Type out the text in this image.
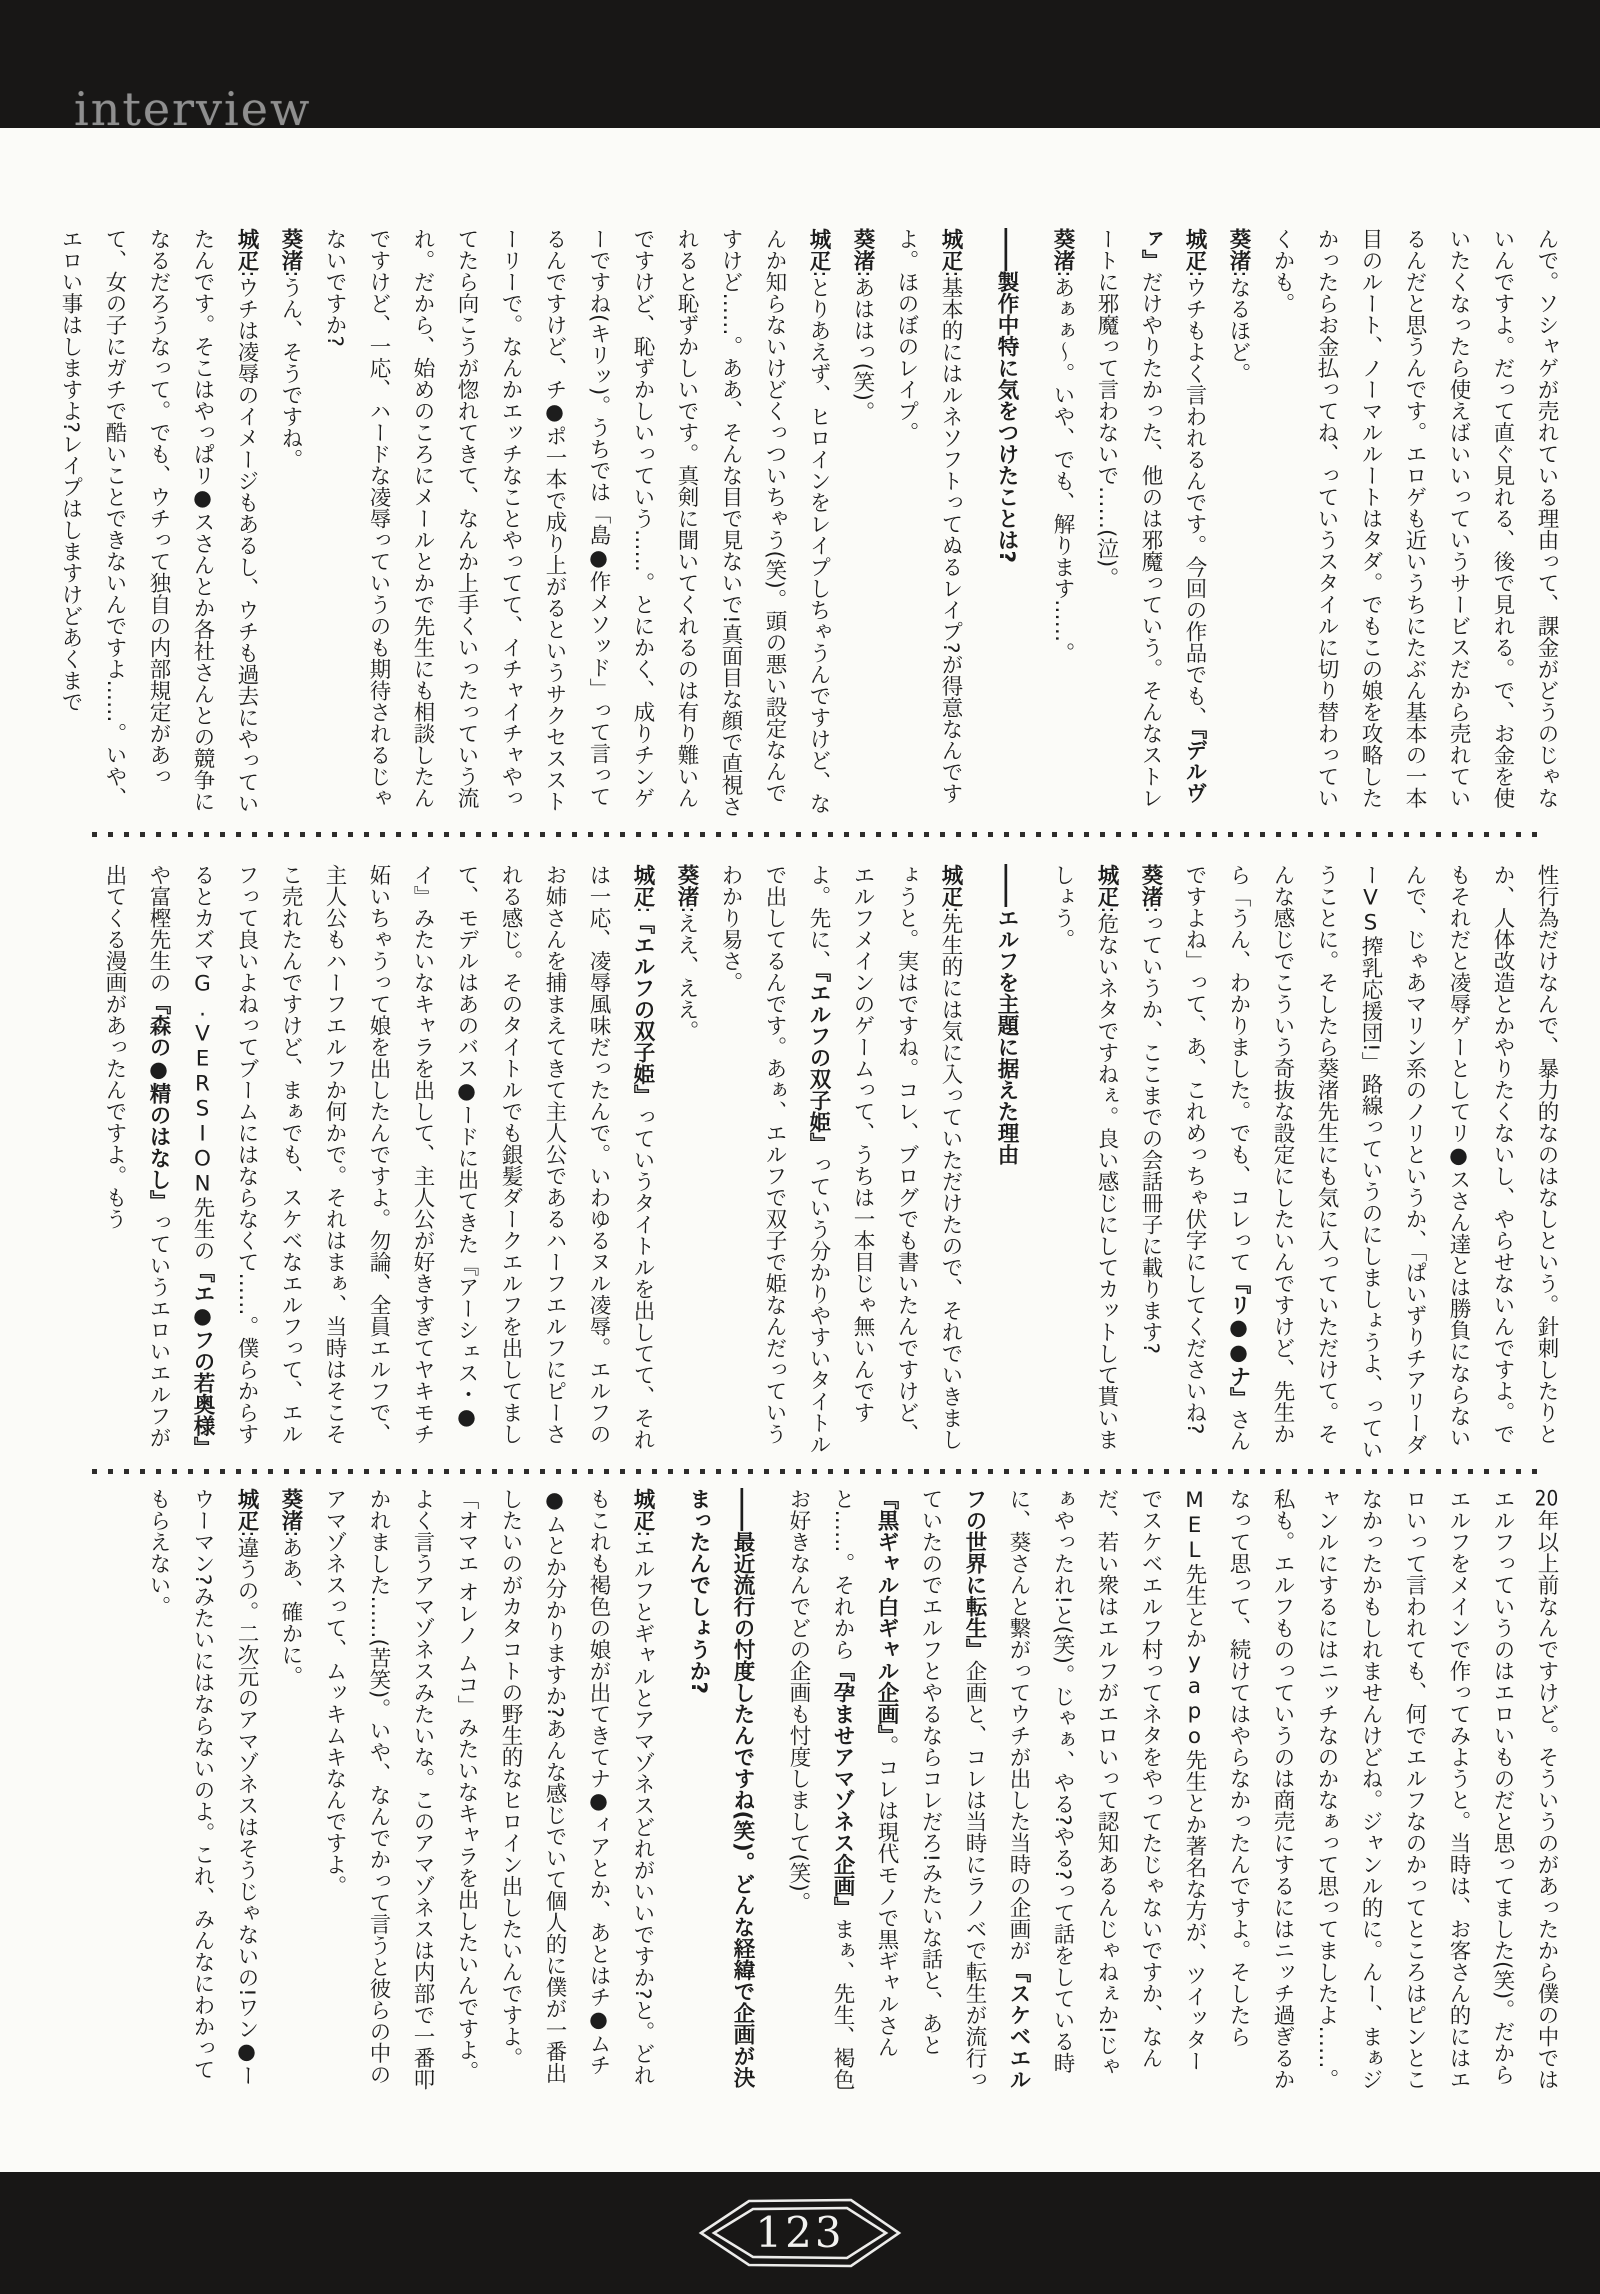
interview

んで。ソシャゲが売れている理由って、課金がどうのじゃないんですよ。だって直ぐ見れる、後で見れる。で、お金を使いたくなったら使えばいいっていうサービスだから売れているんだと思うんです。エロゲも近いうちにたぶん基本の一本目のルート、ノーマルルートはタダ。でもこの娘を攻略したかったらお金払ってね、っていうスタイルに切り替わっていくかも。

葵渚∶なるほど。

城疋∶ウチもよく言われるんです。今回の作品でも、『デルヴァ』だけやりたかった、他のは邪魔っていう。そんなストレートに邪魔って言わないで……(泣)。

葵渚∶あぁぁ〜。いや、でも、解ります……。

――製作中特に気をつけたことは?

城疋∶基本的にはルネソフトってぬるレイプ?が得意なんですよ。ほのぼのレイプ。

葵渚∶あははっ(笑)。

城疋∶とりあえず、ヒロインをレイプしちゃうんですけど、なんか知らないけどくっついちゃう(笑)。頭の悪い設定なんですけど……。ああ、そんな目で見ないで!真面目な顔で直視されると恥ずかしいです。真剣に聞いてくれるのは有り難いんですけど、恥ずかしいっていう……。とにかく、成りチンゲーですね(キリッ)。うちでは「島●作メソッド」って言ってるんですけど、チ●ポ一本で成り上がるというサクセスストーリーで。なんかエッチなことやってて、イチャイチャやってたら向こうが惚れてきて、なんか上手くいったっていう流れ。だから、始めのころにメールとかで先生にも相談したんですけど、一応、ハードな凌辱っていうのも期待されるじゃないですか?

葵渚∶うん、そうですね。

城疋∶ウチは凌辱のイメージもあるし、ウチも過去にやっていたんです。そこはやっぱリ●スさんとか各社さんとの競争になるだろうなって。でも、ウチって独自の内部規定があって、女の子にガチで酷いことできないんですよ……。いや、エロい事はしますよ?レイプはしますけどあくまで

性行為だけなんで、暴力的なのはなしという。針刺したりとか、人体改造とかやりたくないし、やらせないんですよ。でもそれだと凌辱ゲーとしてリ●スさん達とは勝負にならないんで、じゃあマリン系のノリというか、「ぱいずりチアリーダーVS搾乳応援団!」路線っていうのにしましょうよ、っていうことに。そしたら葵渚先生にも気に入っていただけて。そんな感じでこういう奇抜な設定にしたいんですけど、先生から「うん、わかりました。でも、コレって『リ●●ナ』さんですよね」って、あ、これめっちゃ伏字にしてくださいね?

葵渚∶っていうか、ここまでの会話冊子に載ります?

城疋∶危ないネタですねぇ。良い感じにしてカットして貰いましょう。

――エルフを主題に据えた理由

城疋∶先生的には気に入っていただけたので、それでいきましょうと。実はですね。コレ、ブログでも書いたんですけど、エルフメインのゲームって、うちは一本目じゃ無いんですよ。先に、『エルフの双子姫』っていう分かりやすいタイトルで出してるんです。あぁ、エルフで双子で姫なんだっていうわかり易さ。

葵渚∶ええ、ええ。

城疋∶『エルフの双子姫』っていうタイトルを出してて、それは一応、凌辱風味だったんで。いわゆるヌル凌辱。エルフのお姉さんを捕まえてきて主人公であるハーフエルフにピーされる感じ。そのタイトルでも銀髪ダークエルフを出してまして、モデルはあのバス●ードに出てきた『アーシェス・●イ』みたいなキャラを出して、主人公が好きすぎてヤキモチ妬いちゃうって娘を出したんですよ。勿論、全員エルフで、主人公もハーフエルフか何かで。それはまぁ、当時はそこそこ売れたんですけど、まぁでも、スケベなエルフって、エルフって良いよねってブームにはならなくて……。僕らからするとカズマG.VERSION先生の『エ●フの若奥様』や富樫先生の『森の●精のはなし』っていうエロいエルフが出てくる漫画があったんですよ。もう

20年以上前なんですけど。そういうのがあったから僕の中ではエルフっていうのはエロいものだと思ってました(笑)。だからエルフをメインで作ってみようと。当時は、お客さん的にはエロいって言われても、何でエルフなのかってところはピンとこなかったかもしれませんけどね。ジャンル的に。んー、まぁジャンルにするにはニッチなのかなぁって思ってましたよ……。私も。エルフものっていうのは商売にするにはニッチ過ぎるかなって思って、続けてはやらなかったんですよ。そしたらMEL先生とかyapo先生とか著名な方が、ツイッターでスケベエルフ村ってネタをやってたじゃないですか、なんだ、若い衆はエルフがエロいって認知あるんじゃねぇか!じゃぁやったれ!と(笑)。じゃぁ、やる?やる?って話をしている時に、葵さんと繋がってウチが出した当時の企画が『スケベエルフの世界に転生』企画と、コレは当時にラノベで転生が流行っていたのでエルフとやるならコレだろ!みたいな話と、あと『黒ギャル白ギャル企画』。コレは現代モノで黒ギャルさんと……。それから『孕ませアマゾネス企画』まぁ、先生、褐色お好きなんでどの企画も忖度しまして(笑)。

――最近流行の忖度したんですね(笑)。どんな経緯で企画が決まったんでしょうか?

城疋∶エルフとギャルとアマゾネスどれがいいですか?と。どれもこれも褐色の娘が出てきてナ●ィアとか、あとはチ●ムチ●ムとか分かりますか?あんな感じでいて個人的に僕が一番出したいのがカタコトの野生的なヒロイン出したいんですよ。「オマエ オレノ ムコ」みたいなキャラを出したいんですよ。よく言うアマゾネスみたいな。このアマゾネスは内部で一番叩かれました……(苦笑)。いや、なんでかって言うと彼らの中のアマゾネスって、ムッキムキなんですよ。

葵渚∶ああ、確かに。

城疋∶違うの。二次元のアマゾネスはそうじゃないの!ワン●ーウーマン?みたいにはならないのよ。これ、みんなにわかってもらえない。

123
